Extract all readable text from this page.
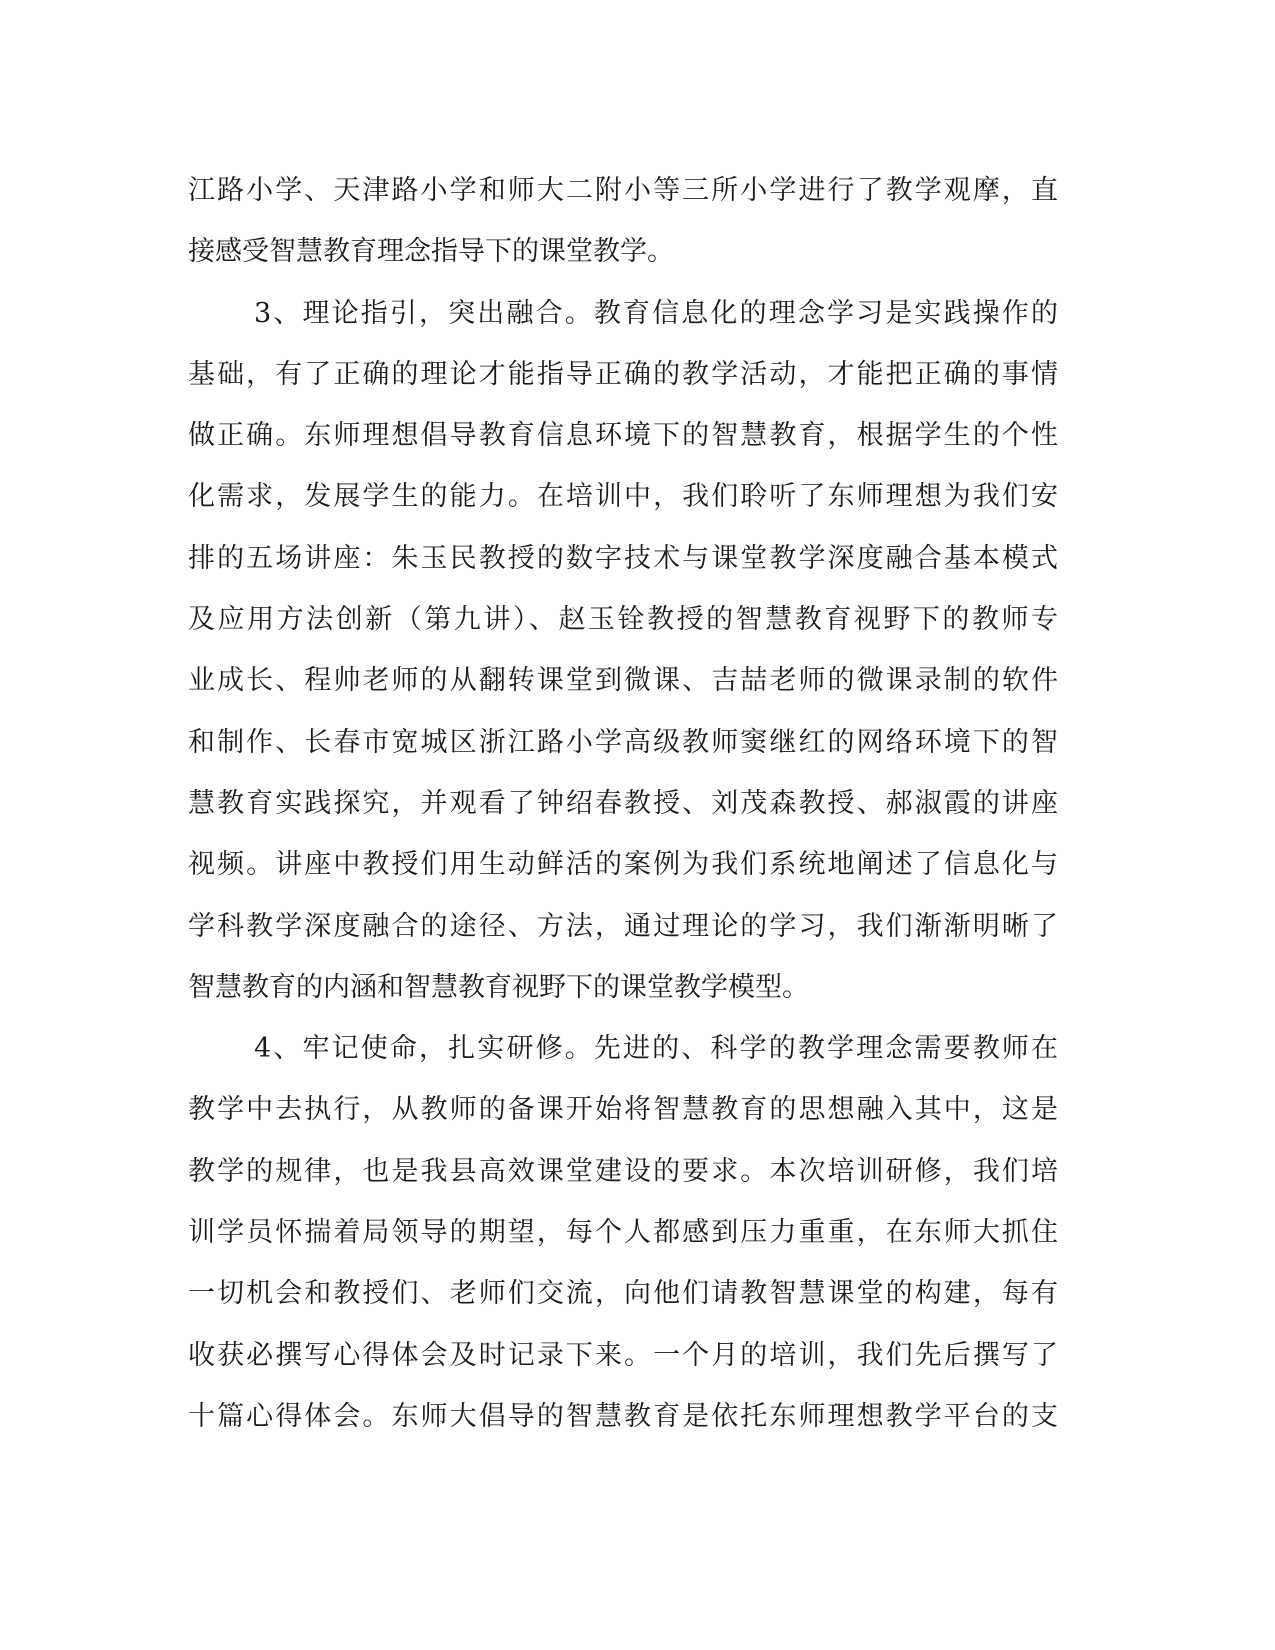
江路小学、天津路小学和师大二附小等三所小学进行了教学观摩，直
接感受智慧教育理念指导下的课堂教学。
3、理论指引，突出融合。教育信息化的理念学习是实践操作的
基础，有了正确的理论才能指导正确的教学活动，才能把正确的事情
做正确。东师理想倡导教育信息环境下的智慧教育，根据学生的个性
化需求，发展学生的能力。在培训中，我们聆听了东师理想为我们安
排的五场讲座：朱玉民教授的数字技术与课堂教学深度融合基本模式
及应用方法创新（第九讲）、赵玉铨教授的智慧教育视野下的教师专
业成长、程帅老师的从翻转课堂到微课、吉喆老师的微课录制的软件
和制作、长春市宽城区浙江路小学高级教师窦继红的网络环境下的智
慧教育实践探究，并观看了钟绍春教授、刘茂森教授、郝淑霞的讲座
视频。讲座中教授们用生动鲜活的案例为我们系统地阐述了信息化与
学科教学深度融合的途径、方法，通过理论的学习，我们渐渐明晰了
智慧教育的内涵和智慧教育视野下的课堂教学模型。
4、牢记使命，扎实研修。先进的、科学的教学理念需要教师在
教学中去执行，从教师的备课开始将智慧教育的思想融入其中，这是
教学的规律，也是我县高效课堂建设的要求。本次培训研修，我们培
训学员怀揣着局领导的期望，每个人都感到压力重重，在东师大抓住
一切机会和教授们、老师们交流，向他们请教智慧课堂的构建，每有
收获必撰写心得体会及时记录下来。一个月的培训，我们先后撰写了
十篇心得体会。东师大倡导的智慧教育是依托东师理想教学平台的支
